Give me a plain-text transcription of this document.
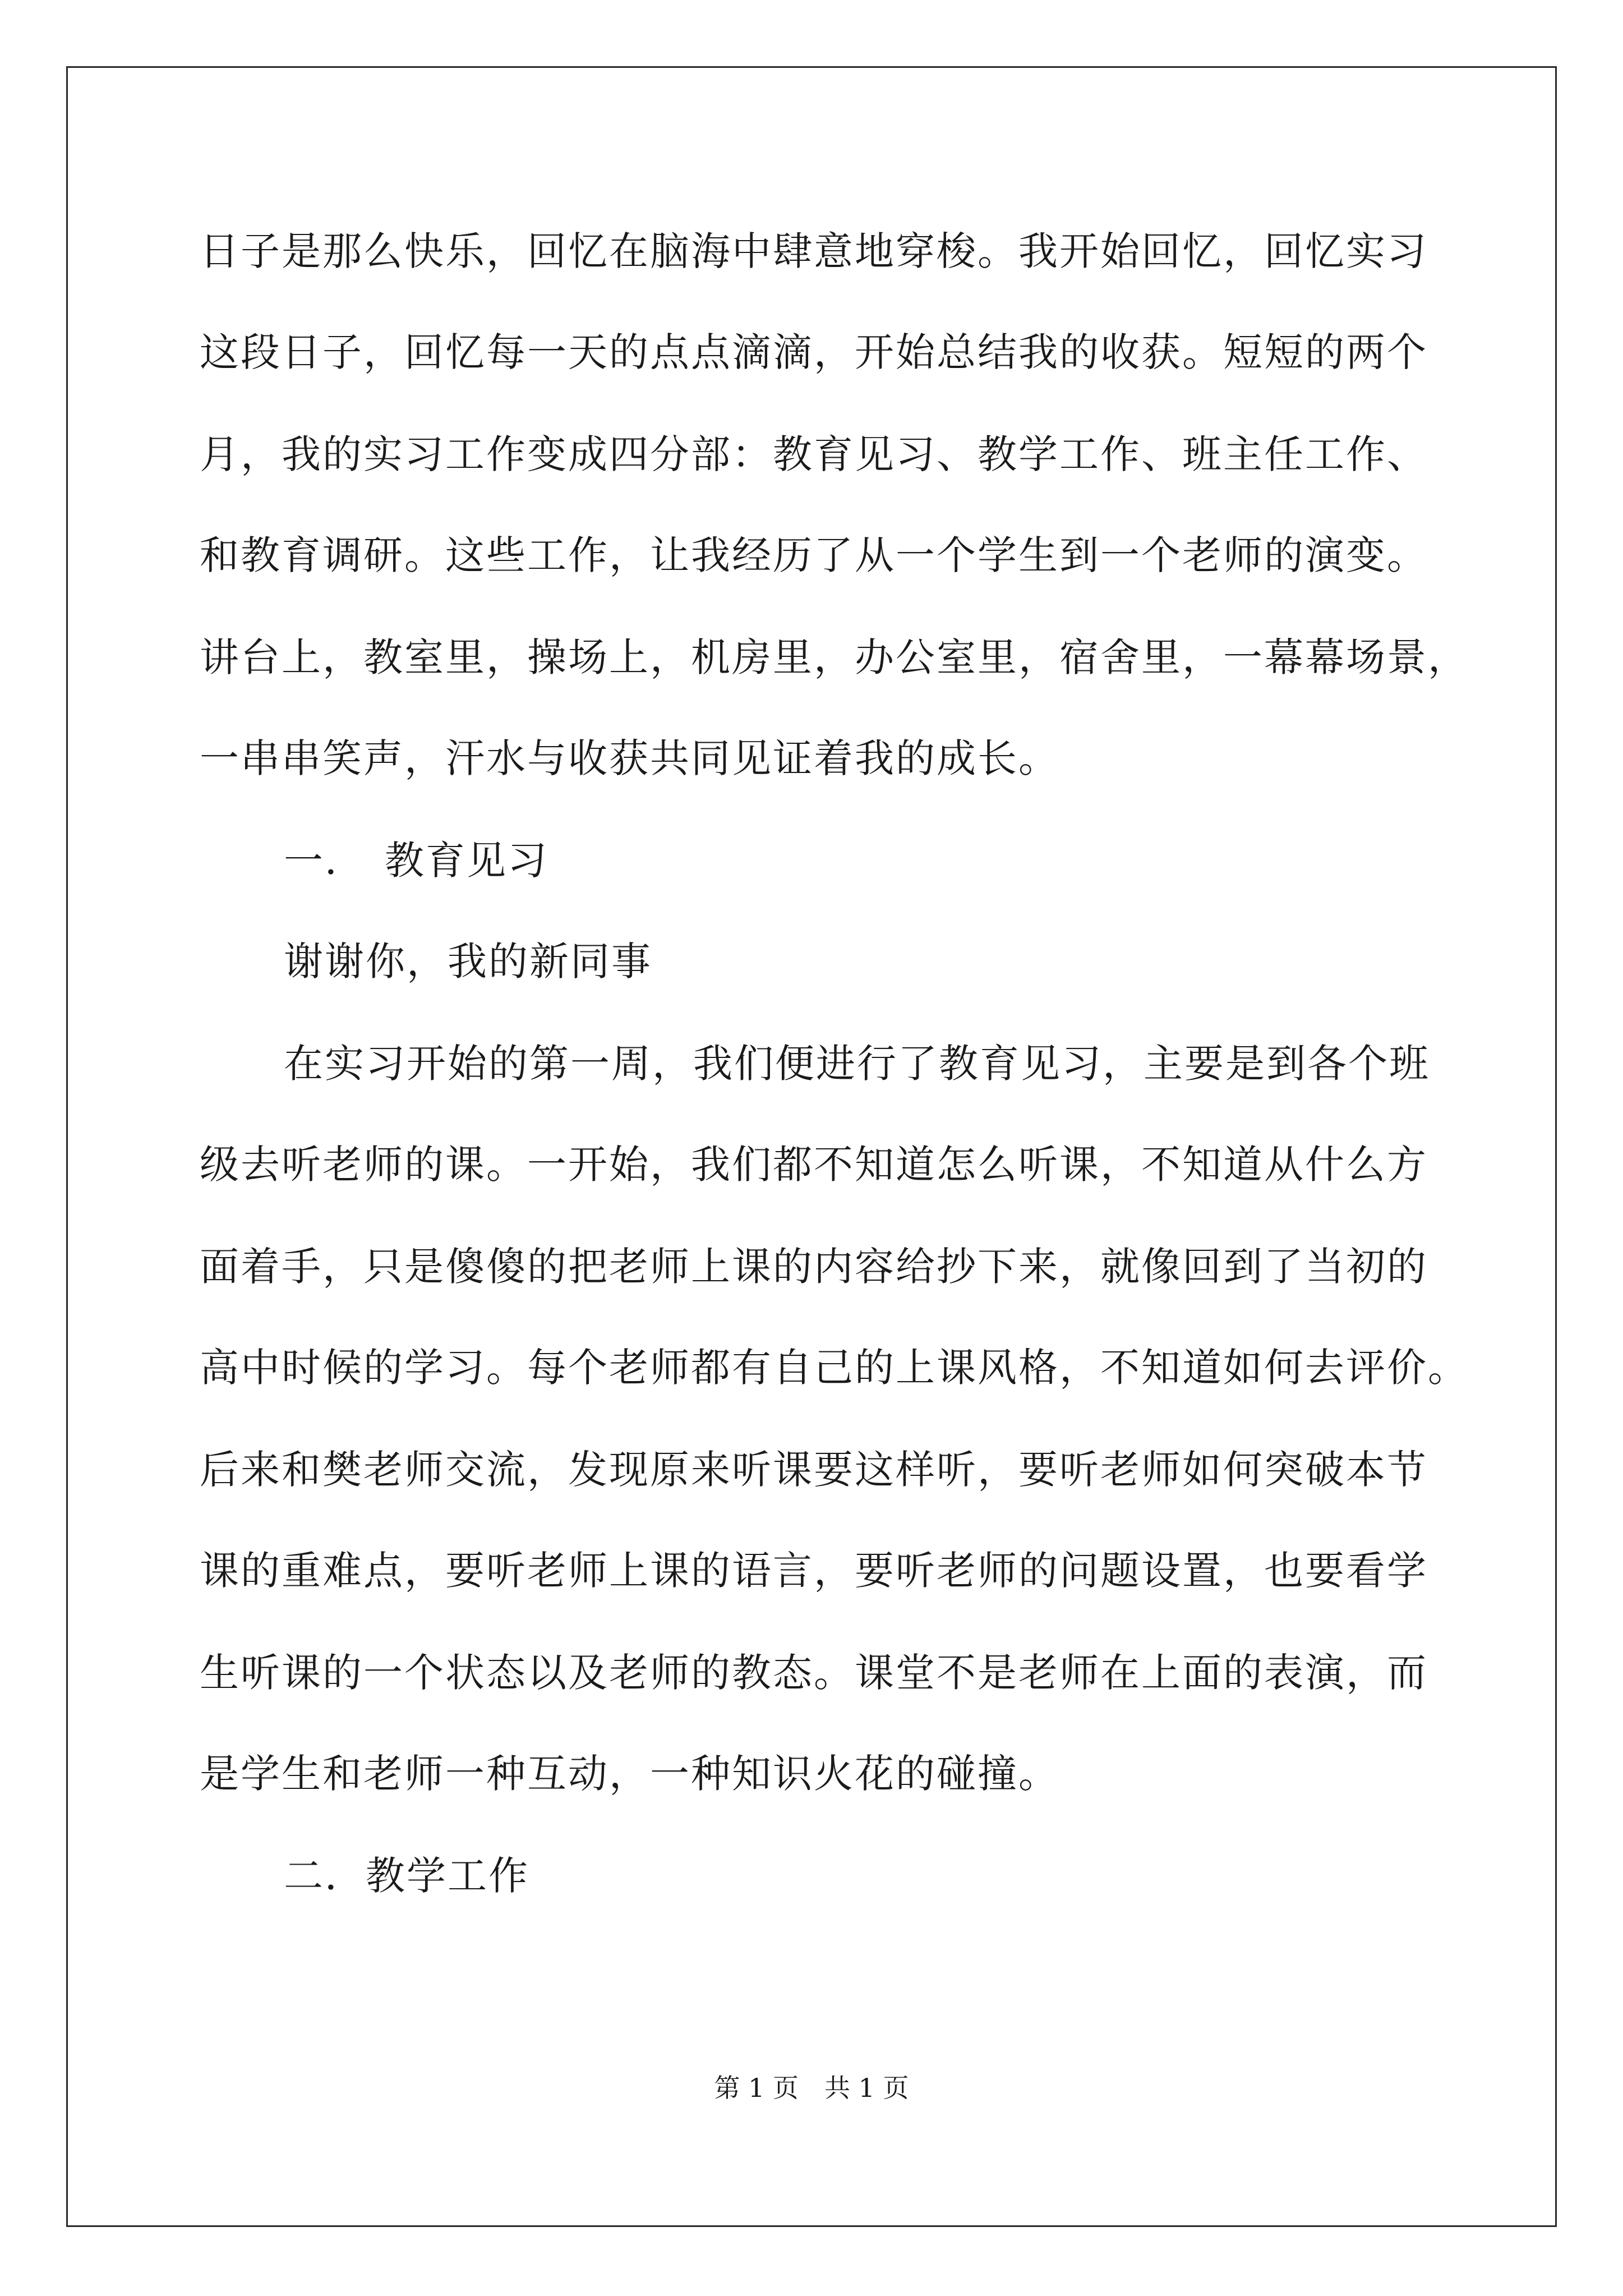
日子是那么快乐，回忆在脑海中肆意地穿梭。我开始回忆，回忆实习
这段日子，回忆每一天的点点滴滴，开始总结我的收获。短短的两个
月，我的实习工作变成四分部：教育见习、教学工作、班主任工作、
和教育调研。这些工作，让我经历了从一个学生到一个老师的演变。
讲台上，教室里，操场上，机房里，办公室里，宿舍里，一幕幕场景，
一串串笑声，汗水与收获共同见证着我的成长。
一． 教育见习
谢谢你，我的新同事
在实习开始的第一周，我们便进行了教育见习，主要是到各个班
级去听老师的课。一开始，我们都不知道怎么听课，不知道从什么方
面着手，只是傻傻的把老师上课的内容给抄下来，就像回到了当初的
高中时候的学习。每个老师都有自己的上课风格，不知道如何去评价。
后来和樊老师交流，发现原来听课要这样听，要听老师如何突破本节
课的重难点，要听老师上课的语言，要听老师的问题设置，也要看学
生听课的一个状态以及老师的教态。课堂不是老师在上面的表演，而
是学生和老师一种互动，一种知识火花的碰撞。
二．教学工作
第 1 页　共 1 页
